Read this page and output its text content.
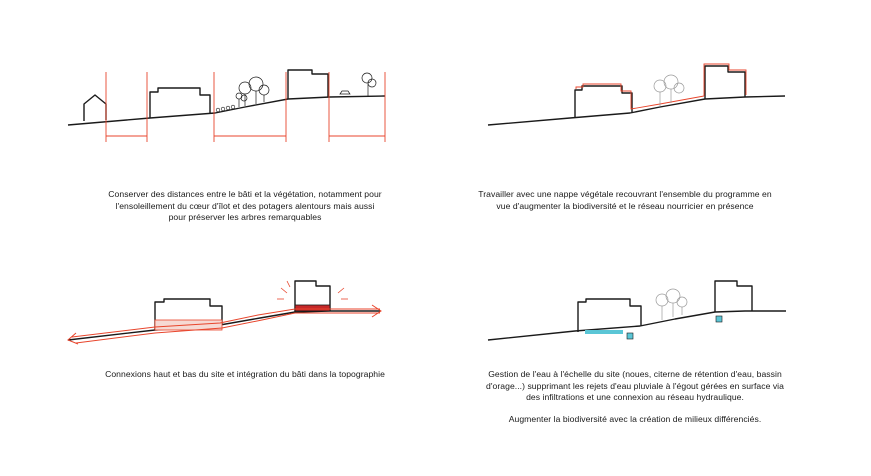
Conserver des distances entre le bâti et la végétation, notamment pour
l'ensoleillement du cœur d'îlot et des potagers alentours mais aussi
pour préserver les arbres remarquables

Travailler avec une nappe végétale recouvrant l'ensemble du programme en
vue d'augmenter la biodiversité et le réseau nourricier en présence

Connexions haut et bas du site et intégration du bâti dans la topographie	Gestion de l'eau à l'échelle du site (noues, citerne de rétention d'eau, bassin
d'orage...) supprimant les rejets d'eau pluviale à l'égout gérées en surface via
des infiltrations et une connexion au réseau hydraulique.

Augmenter la biodiversité avec la création de milieux différenciés.
